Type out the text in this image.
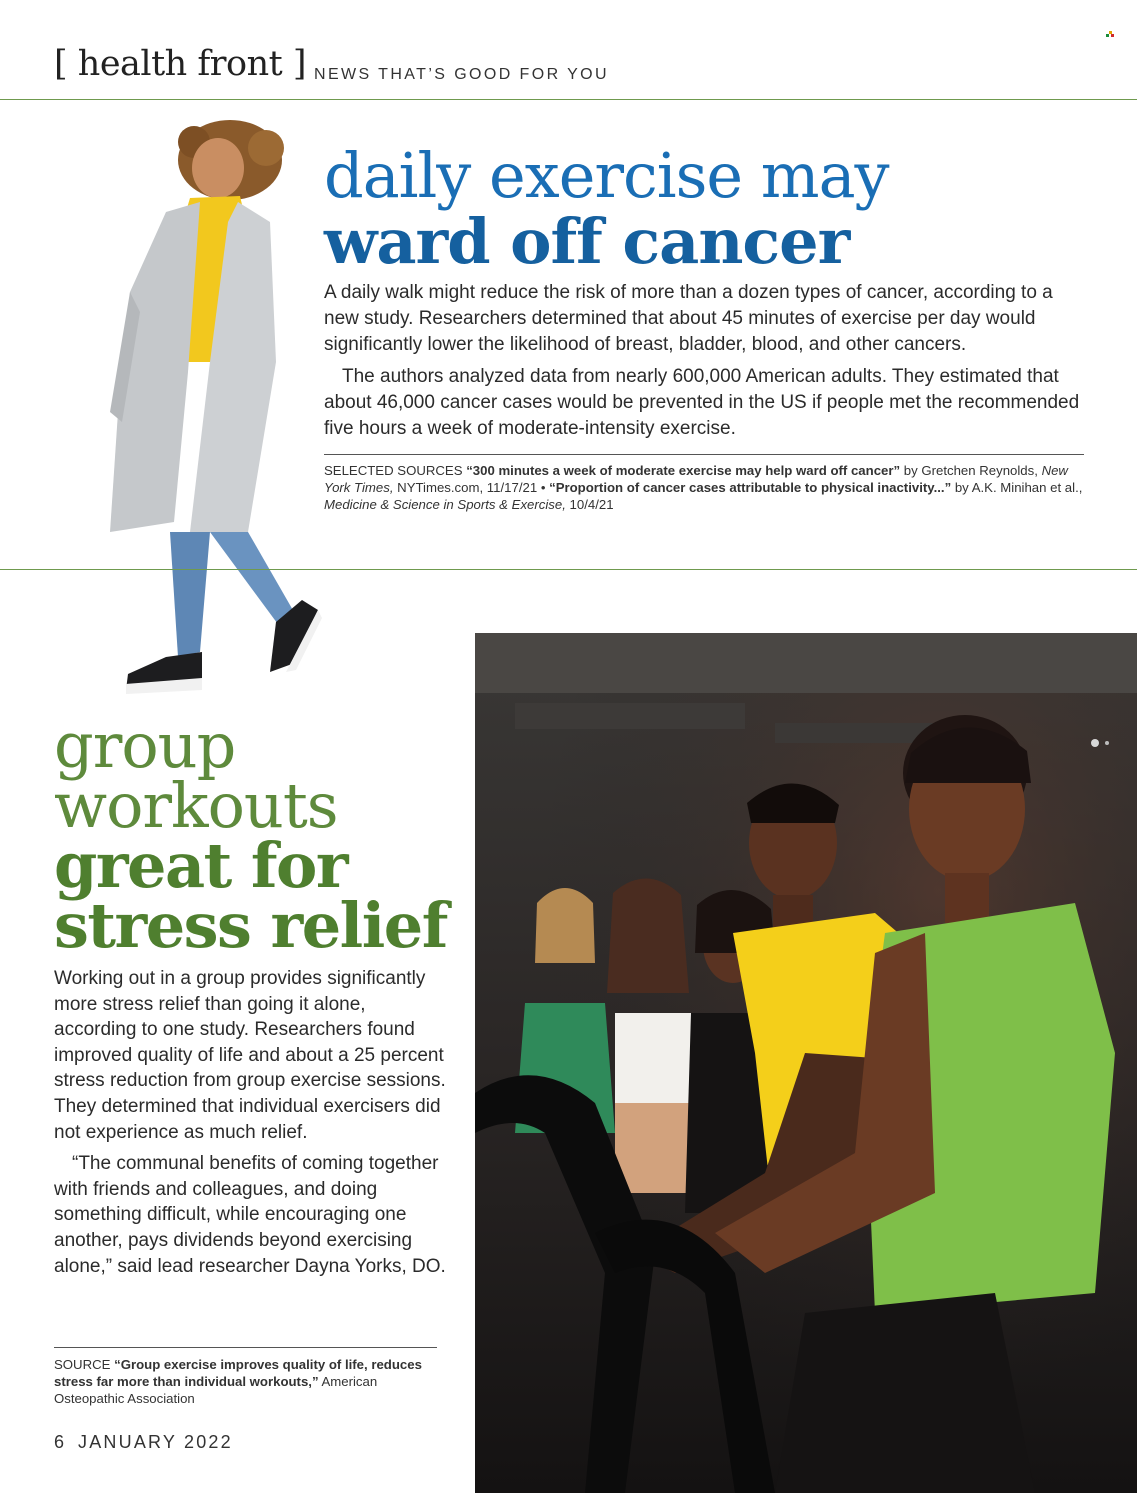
[ health front ] NEWS THAT’S GOOD FOR YOU
daily exercise may
ward off cancer

A daily walk might reduce the risk of more than a dozen types of cancer, according to a new study. Researchers determined that about 45 minutes of exercise per day would significantly lower the likelihood of breast, bladder, blood, and other cancers.

The authors analyzed data from nearly 600,000 American adults. They estimated that about 46,000 cancer cases would be prevented in the US if people met the recommended five hours a week of moderate-intensity exercise.

SELECTED SOURCES “300 minutes a week of moderate exercise may help ward off cancer” by Gretchen Reynolds, New York Times, NYTimes.com, 11/17/21 • “Proportion of cancer cases attributable to physical inactivity...” by A.K. Minihan et al., Medicine & Science in Sports & Exercise, 10/4/21
group
workouts
great for
stress relief

Working out in a group provides significantly more stress relief than going it alone, according to one study. Researchers found improved quality of life and about a 25 percent stress reduction from group exercise sessions. They determined that individual exercisers did not experience as much relief.

“The communal benefits of coming together with friends and colleagues, and doing something difficult, while encouraging one another, pays dividends beyond exercising alone,” said lead researcher Dayna Yorks, DO.

SOURCE “Group exercise improves quality of life, reduces stress far more than individual workouts,” American Osteopathic Association
6 JANUARY 2022
